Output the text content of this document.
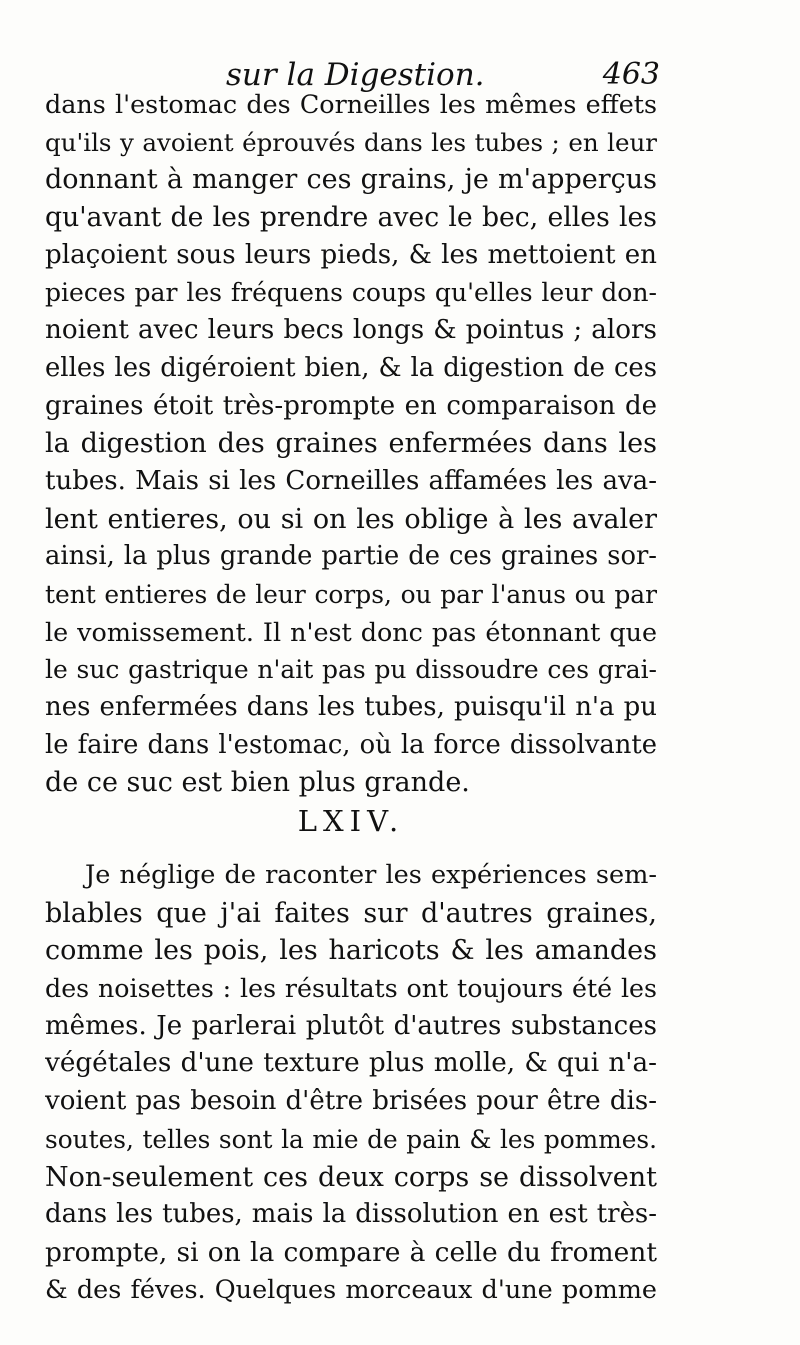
sur la Digestion.	463
dans l'estomac des Corneilles les mêmes effets
qu'ils y avoient éprouvés dans les tubes ; en leur
donnant à manger ces grains, je m'apperçus
qu'avant de les prendre avec le bec, elles les
plaçoient sous leurs pieds, & les mettoient en
pieces par les fréquens coups qu'elles leur don-
noient avec leurs becs longs & pointus ; alors
elles les digéroient bien, & la digestion de ces
graines étoit très-prompte en comparaison de
la digestion des graines enfermées dans les
tubes. Mais si les Corneilles affamées les ava-
lent entieres, ou si on les oblige à les avaler
ainsi, la plus grande partie de ces graines sor-
tent entieres de leur corps, ou par l'anus ou par
le vomissement. Il n'est donc pas étonnant que
le suc gastrique n'ait pas pu dissoudre ces grai-
nes enfermées dans les tubes, puisqu'il n'a pu
le faire dans l'estomac, où la force dissolvante
de ce suc est bien plus grande.
LXIV.
Je néglige de raconter les expériences sem-
blables que j'ai faites sur d'autres graines,
comme les pois, les haricots & les amandes
des noisettes : les résultats ont toujours été les
mêmes. Je parlerai plutôt d'autres substances
végétales d'une texture plus molle, & qui n'a-
voient pas besoin d'être brisées pour être dis-
soutes, telles sont la mie de pain & les pommes.
Non-seulement ces deux corps se dissolvent
dans les tubes, mais la dissolution en est très-
prompte, si on la compare à celle du froment
& des féves. Quelques morceaux d'une pomme
